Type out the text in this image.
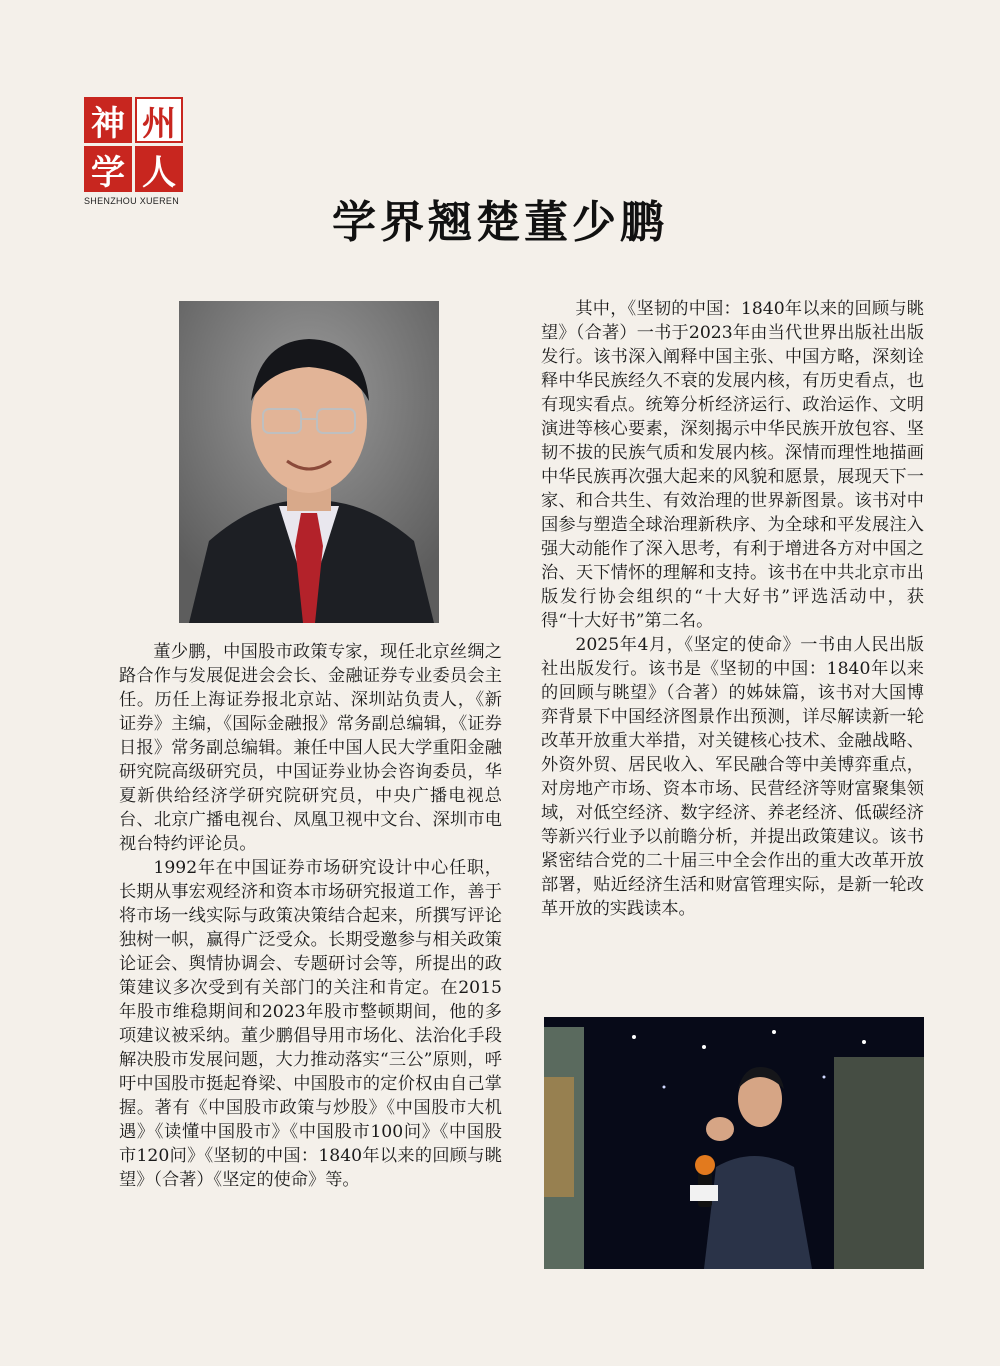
神 州
学 人
SHENZHOU XUEREN	学界翘楚董少鹏

董少鹏，中国股市政策专家，现任北京丝绸之路合作与发展促进会会长、金融证券专业委员会主任。历任上海证券报北京站、深圳站负责人，《新证券》主编，《国际金融报》常务副总编辑，《证券日报》常务副总编辑。兼任中国人民大学重阳金融研究院高级研究员，中国证券业协会咨询委员，华夏新供给经济学研究院研究员，中央广播电视总台、北京广播电视台、凤凰卫视中文台、深圳市电视台特约评论员。

1992年在中国证券市场研究设计中心任职，长期从事宏观经济和资本市场研究报道工作，善于将市场一线实际与政策决策结合起来，所撰写评论独树一帜，赢得广泛受众。长期受邀参与相关政策论证会、舆情协调会、专题研讨会等，所提出的政策建议多次受到有关部门的关注和肯定。在2015年股市维稳期间和2023年股市整顿期间，他的多项建议被采纳。董少鹏倡导用市场化、法治化手段解决股市发展问题，大力推动落实“三公”原则，呼吁中国股市挺起脊梁、中国股市的定价权由自己掌握。著有《中国股市政策与炒股》《中国股市大机遇》《读懂中国股市》《中国股市100问》《中国股市120问》《坚韧的中国：1840年以来的回顾与眺望》（合著）《坚定的使命》等。

其中，《坚韧的中国：1840年以来的回顾与眺望》（合著）一书于2023年由当代世界出版社出版发行。该书深入阐释中国主张、中国方略，深刻诠释中华民族经久不衰的发展内核，有历史看点，也有现实看点。统筹分析经济运行、政治运作、文明演进等核心要素，深刻揭示中华民族开放包容、坚韧不拔的民族气质和发展内核。深情而理性地描画中华民族再次强大起来的风貌和愿景，展现天下一家、和合共生、有效治理的世界新图景。该书对中国参与塑造全球治理新秩序、为全球和平发展注入强大动能作了深入思考，有利于增进各方对中国之治、天下情怀的理解和支持。该书在中共北京市出版发行协会组织的“十大好书”评选活动中，获得“十大好书”第二名。

2025年4月，《坚定的使命》一书由人民出版社出版发行。该书是《坚韧的中国：1840年以来的回顾与眺望》（合著）的姊妹篇，该书对大国博弈背景下中国经济图景作出预测，详尽解读新一轮改革开放重大举措，对关键核心技术、金融战略、外资外贸、居民收入、军民融合等中美博弈重点，对房地产市场、资本市场、民营经济等财富聚集领域，对低空经济、数字经济、养老经济、低碳经济等新兴行业予以前瞻分析，并提出政策建议。该书紧密结合党的二十届三中全会作出的重大改革开放部署，贴近经济生活和财富管理实际，是新一轮改革开放的实践读本。
